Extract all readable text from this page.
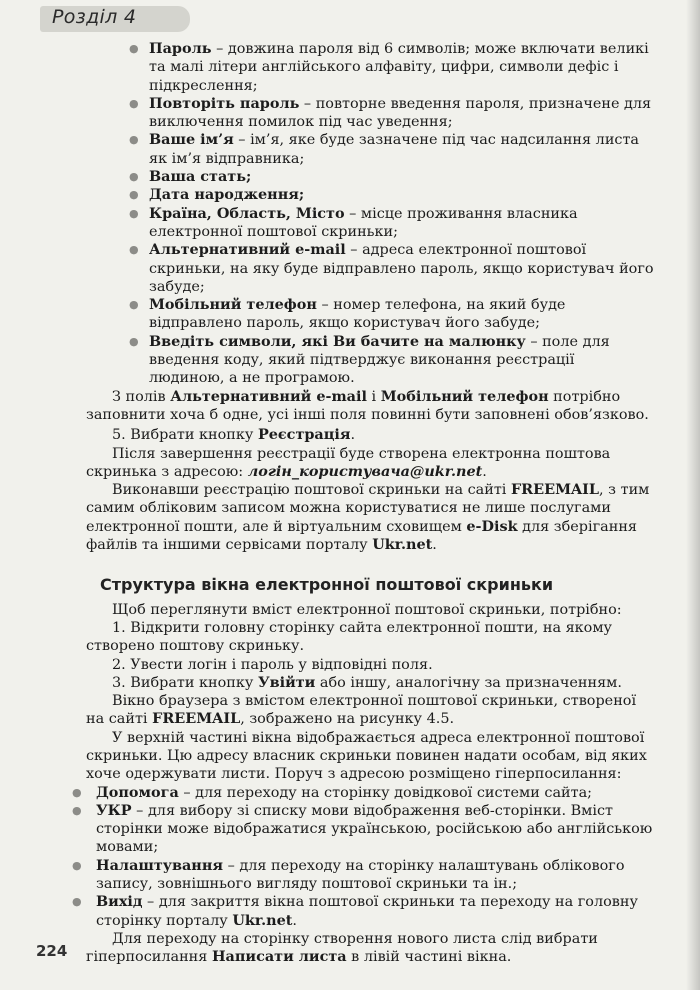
Розділ 4
● Пароль – довжина пароля від 6 символів; може включати великі та малі літери англійського алфавіту, цифри, символи дефіс і підкреслення;
● Повторіть пароль – повторне введення пароля, призначене для виключення помилок під час уведення;
● Ваше ім’я – ім’я, яке буде зазначене під час надсилання листа як ім’я відправника;
● Ваша стать;
● Дата народження;
● Країна, Область, Місто – місце проживання власника електронної поштової скриньки;
● Альтернативний e-mail – адреса електронної поштової скриньки, на яку буде відправлено пароль, якщо користувач його забуде;
● Мобільний телефон – номер телефона, на який буде відправлено пароль, якщо користувач його забуде;
● Введіть символи, які Ви бачите на малюнку – поле для введення коду, який підтверджує виконання реєстрації людиною, а не програмою.

З полів Альтернативний e-mail і Мобільний телефон потрібно заповнити хоча б одне, усі інші поля повинні бути заповнені обов’язково.

5. Вибрати кнопку Реєстрація.

Після завершення реєстрації буде створена електронна поштова скринька з адресою: логін_користувача@ukr.net.

Виконавши реєстрацію поштової скриньки на сайті FREEMAIL, з тим самим обліковим записом можна користуватися не лише послугами електронної пошти, але й віртуальним сховищем e-Disk для зберігання файлів та іншими сервісами порталу Ukr.net.

Структура вікна електронної поштової скриньки

Щоб переглянути вміст електронної поштової скриньки, потрібно:

1. Відкрити головну сторінку сайта електронної пошти, на якому створено поштову скриньку.

2. Увести логін і пароль у відповідні поля.

3. Вибрати кнопку Увійти або іншу, аналогічну за призначенням.

Вікно браузера з вмістом електронної поштової скриньки, створеної на сайті FREEMAIL, зображено на рисунку 4.5.

У верхній частині вікна відображається адреса електронної поштової скриньки. Цю адресу власник скриньки повинен надати особам, від яких хоче одержувати листи. Поруч з адресою розміщено гіперпосилання:

● Допомога – для переходу на сторінку довідкової системи сайта;
● УКР – для вибору зі списку мови відображення веб-сторінки. Вміст сторінки може відображатися українською, російською або англійською мовами;
● Налаштування – для переходу на сторінку налаштувань облікового запису, зовнішнього вигляду поштової скриньки та ін.;
● Вихід – для закриття вікна поштової скриньки та переходу на головну сторінку порталу Ukr.net.

Для переходу на сторінку створення нового листа слід вибрати гіперпосилання Написати листа в лівій частині вікна.

224
